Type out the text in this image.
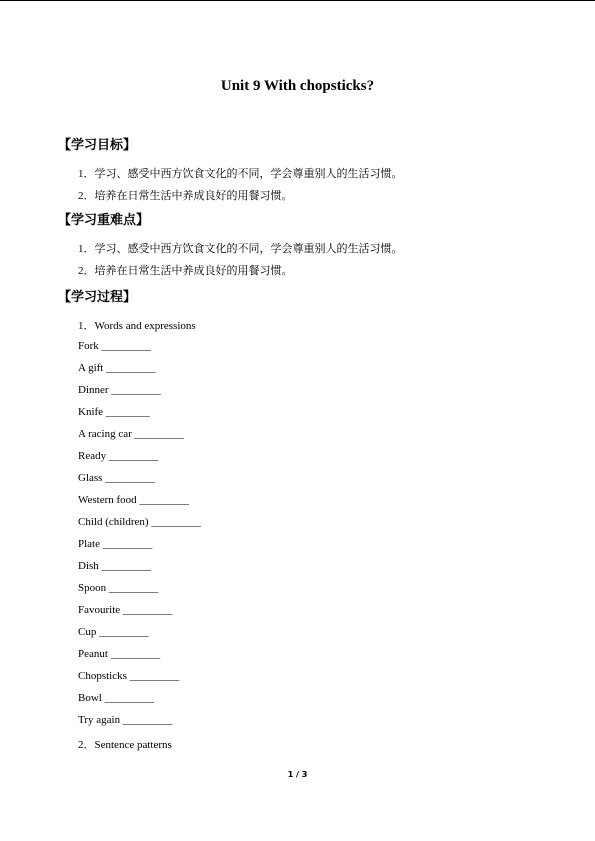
Unit 9 With chopsticks?
【学习目标】
1．学习、感受中西方饮食文化的不同，学会尊重别人的生活习惯。
2．培养在日常生活中养成良好的用餐习惯。
【学习重难点】
1．学习、感受中西方饮食文化的不同，学会尊重别人的生活习惯。
2．培养在日常生活中养成良好的用餐习惯。
【学习过程】
1．Words and expressions
Fork _________
A gift _________
Dinner _________
Knife ________
A racing car _________
Ready _________
Glass _________
Western food _________
Child (children) _________
Plate _________
Dish _________
Spoon _________
Favourite _________
Cup _________
Peanut _________
Chopsticks _________
Bowl _________
Try again _________
2．Sentence patterns
1 / 3
